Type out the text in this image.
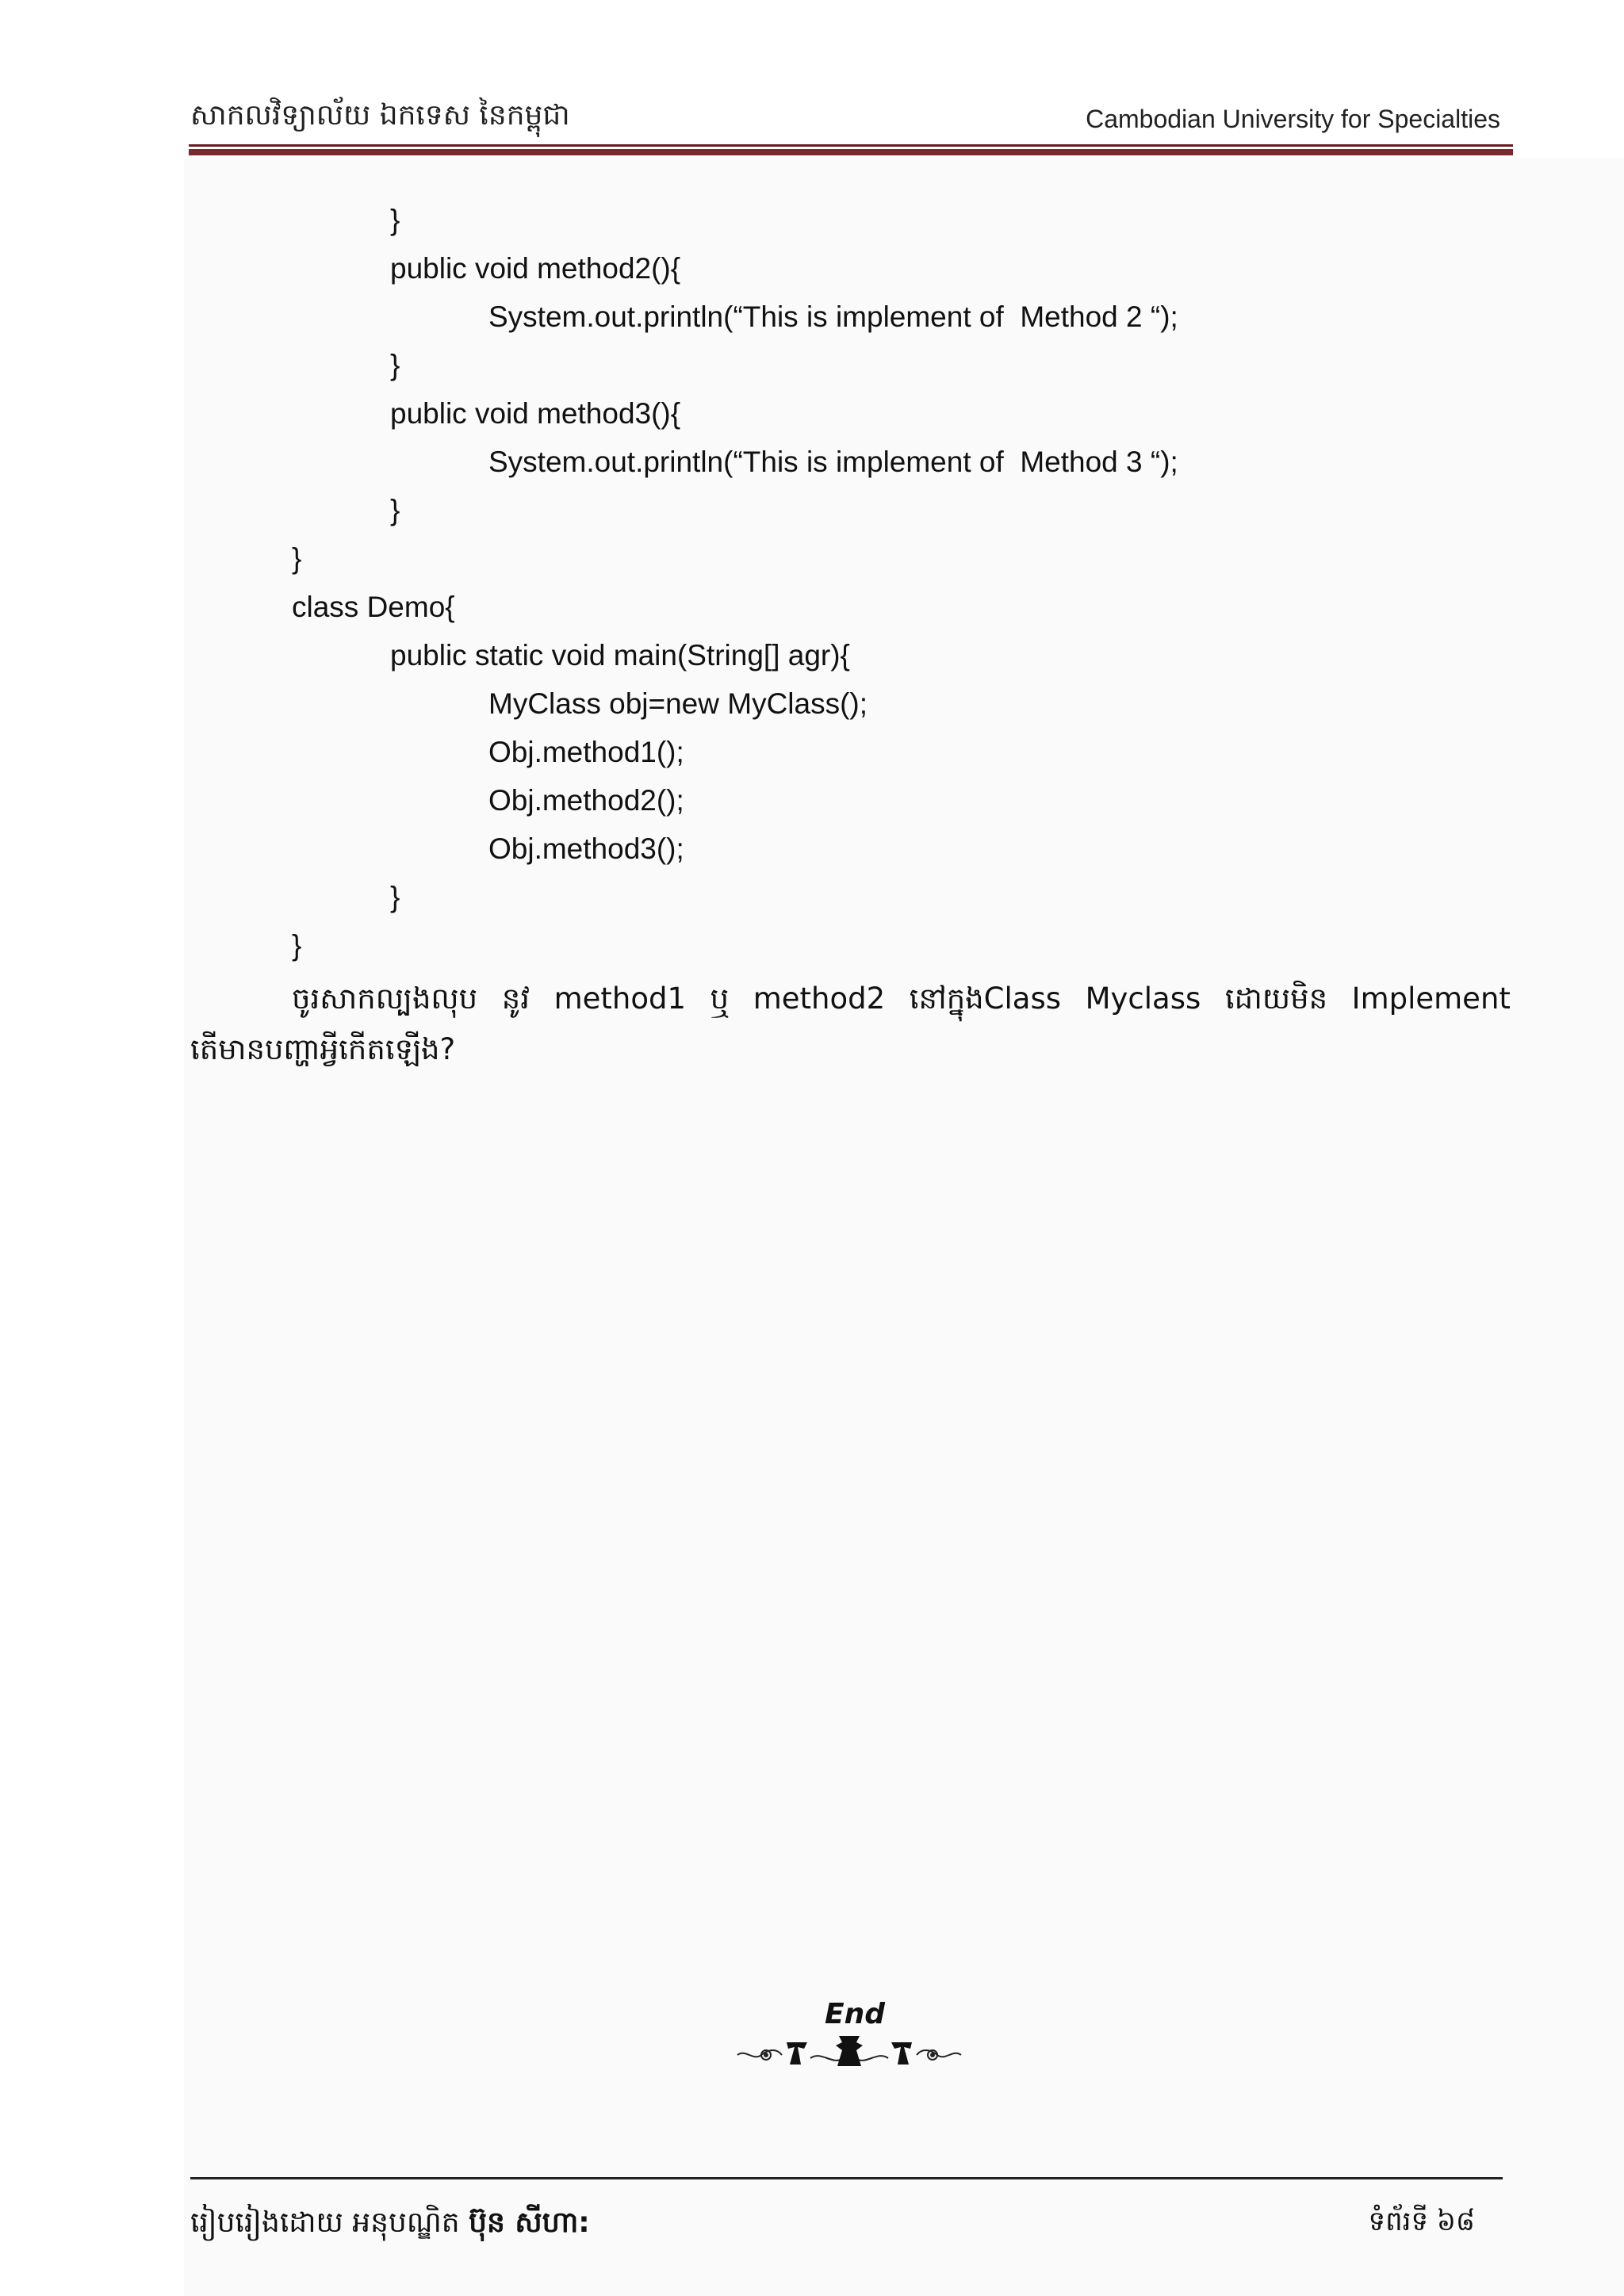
សាកលវិទ្យាល័យ ឯកទេស នៃកម្ពុជា	Cambodian University for Specialties
}
public void method2(){
System.out.println(“This is implement of  Method 2 “);
}
public void method3(){
System.out.println(“This is implement of  Method 3 “);
}
}
class Demo{
public static void main(String[] agr){
MyClass obj=new MyClass();
Obj.method1();
Obj.method2();
Obj.method3();
}
}
ចូរសាកល្បងលុប នូវ method1 ឬ method2 នៅក្នុងClass Myclass ដោយមិន Implement
តើមានបញ្ហាអ្វីកើតឡើង?
End
រៀបរៀងដោយ អនុបណ្ឌិត ប៊ុន សីហា:	ទំព័រទី ៦៨
